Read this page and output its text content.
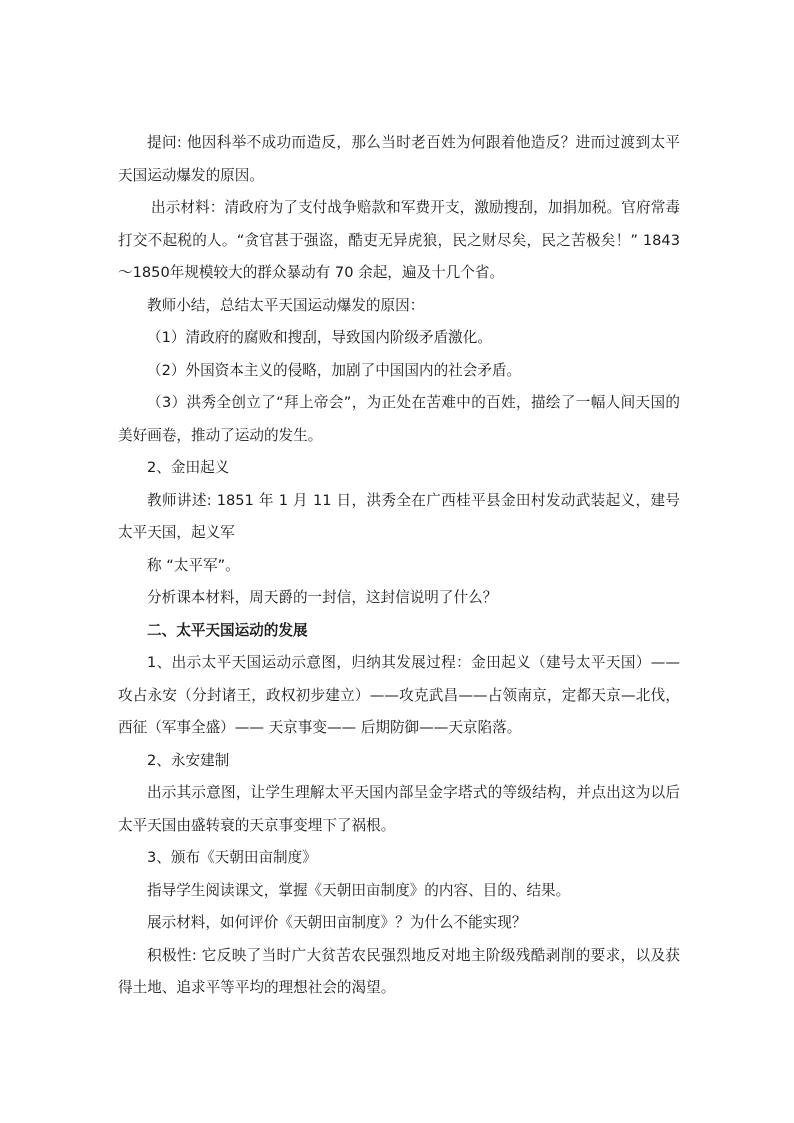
提问: 他因科举不成功而造反，那么当时老百姓为何跟着他造反？进而过渡到太平天国运动爆发的原因。

出示材料：清政府为了支付战争赔款和军费开支，激励搜刮，加捐加税。官府常毒打交不起税的人。“贪官甚于强盗，酷吏无异虎狼，民之财尽矣，民之苦极矣！” 1843～1850年规模较大的群众暴动有 70 余起，遍及十几个省。

教师小结，总结太平天国运动爆发的原因：

（1）清政府的腐败和搜刮，导致国内阶级矛盾激化。

（2）外国资本主义的侵略，加剧了中国国内的社会矛盾。

（3）洪秀全创立了“拜上帝会”，为正处在苦难中的百姓，描绘了一幅人间天国的美好画卷，推动了运动的发生。

2、金田起义

教师讲述: 1851 年 1 月 11 日，洪秀全在广西桂平县金田村发动武装起义，建号太平天国，起义军

称 “太平军”。

分析课本材料，周天爵的一封信，这封信说明了什么？

二、太平天国运动的发展

1、出示太平天国运动示意图，归纳其发展过程：金田起义（建号太平天国）——攻占永安（分封诸王，政权初步建立）——攻克武昌——占领南京，定都天京—北伐，西征（军事全盛）—— 天京事变—— 后期防御——天京陷落。

2、永安建制

出示其示意图，让学生理解太平天国内部呈金字塔式的等级结构，并点出这为以后太平天国由盛转衰的天京事变埋下了祸根。

3、颁布《天朝田亩制度》

指导学生阅读课文，掌握《天朝田亩制度》的内容、目的、结果。

展示材料，如何评价《天朝田亩制度》？为什么不能实现？

积极性: 它反映了当时广大贫苦农民强烈地反对地主阶级残酷剥削的要求，以及获得土地、追求平等平均的理想社会的渴望。
